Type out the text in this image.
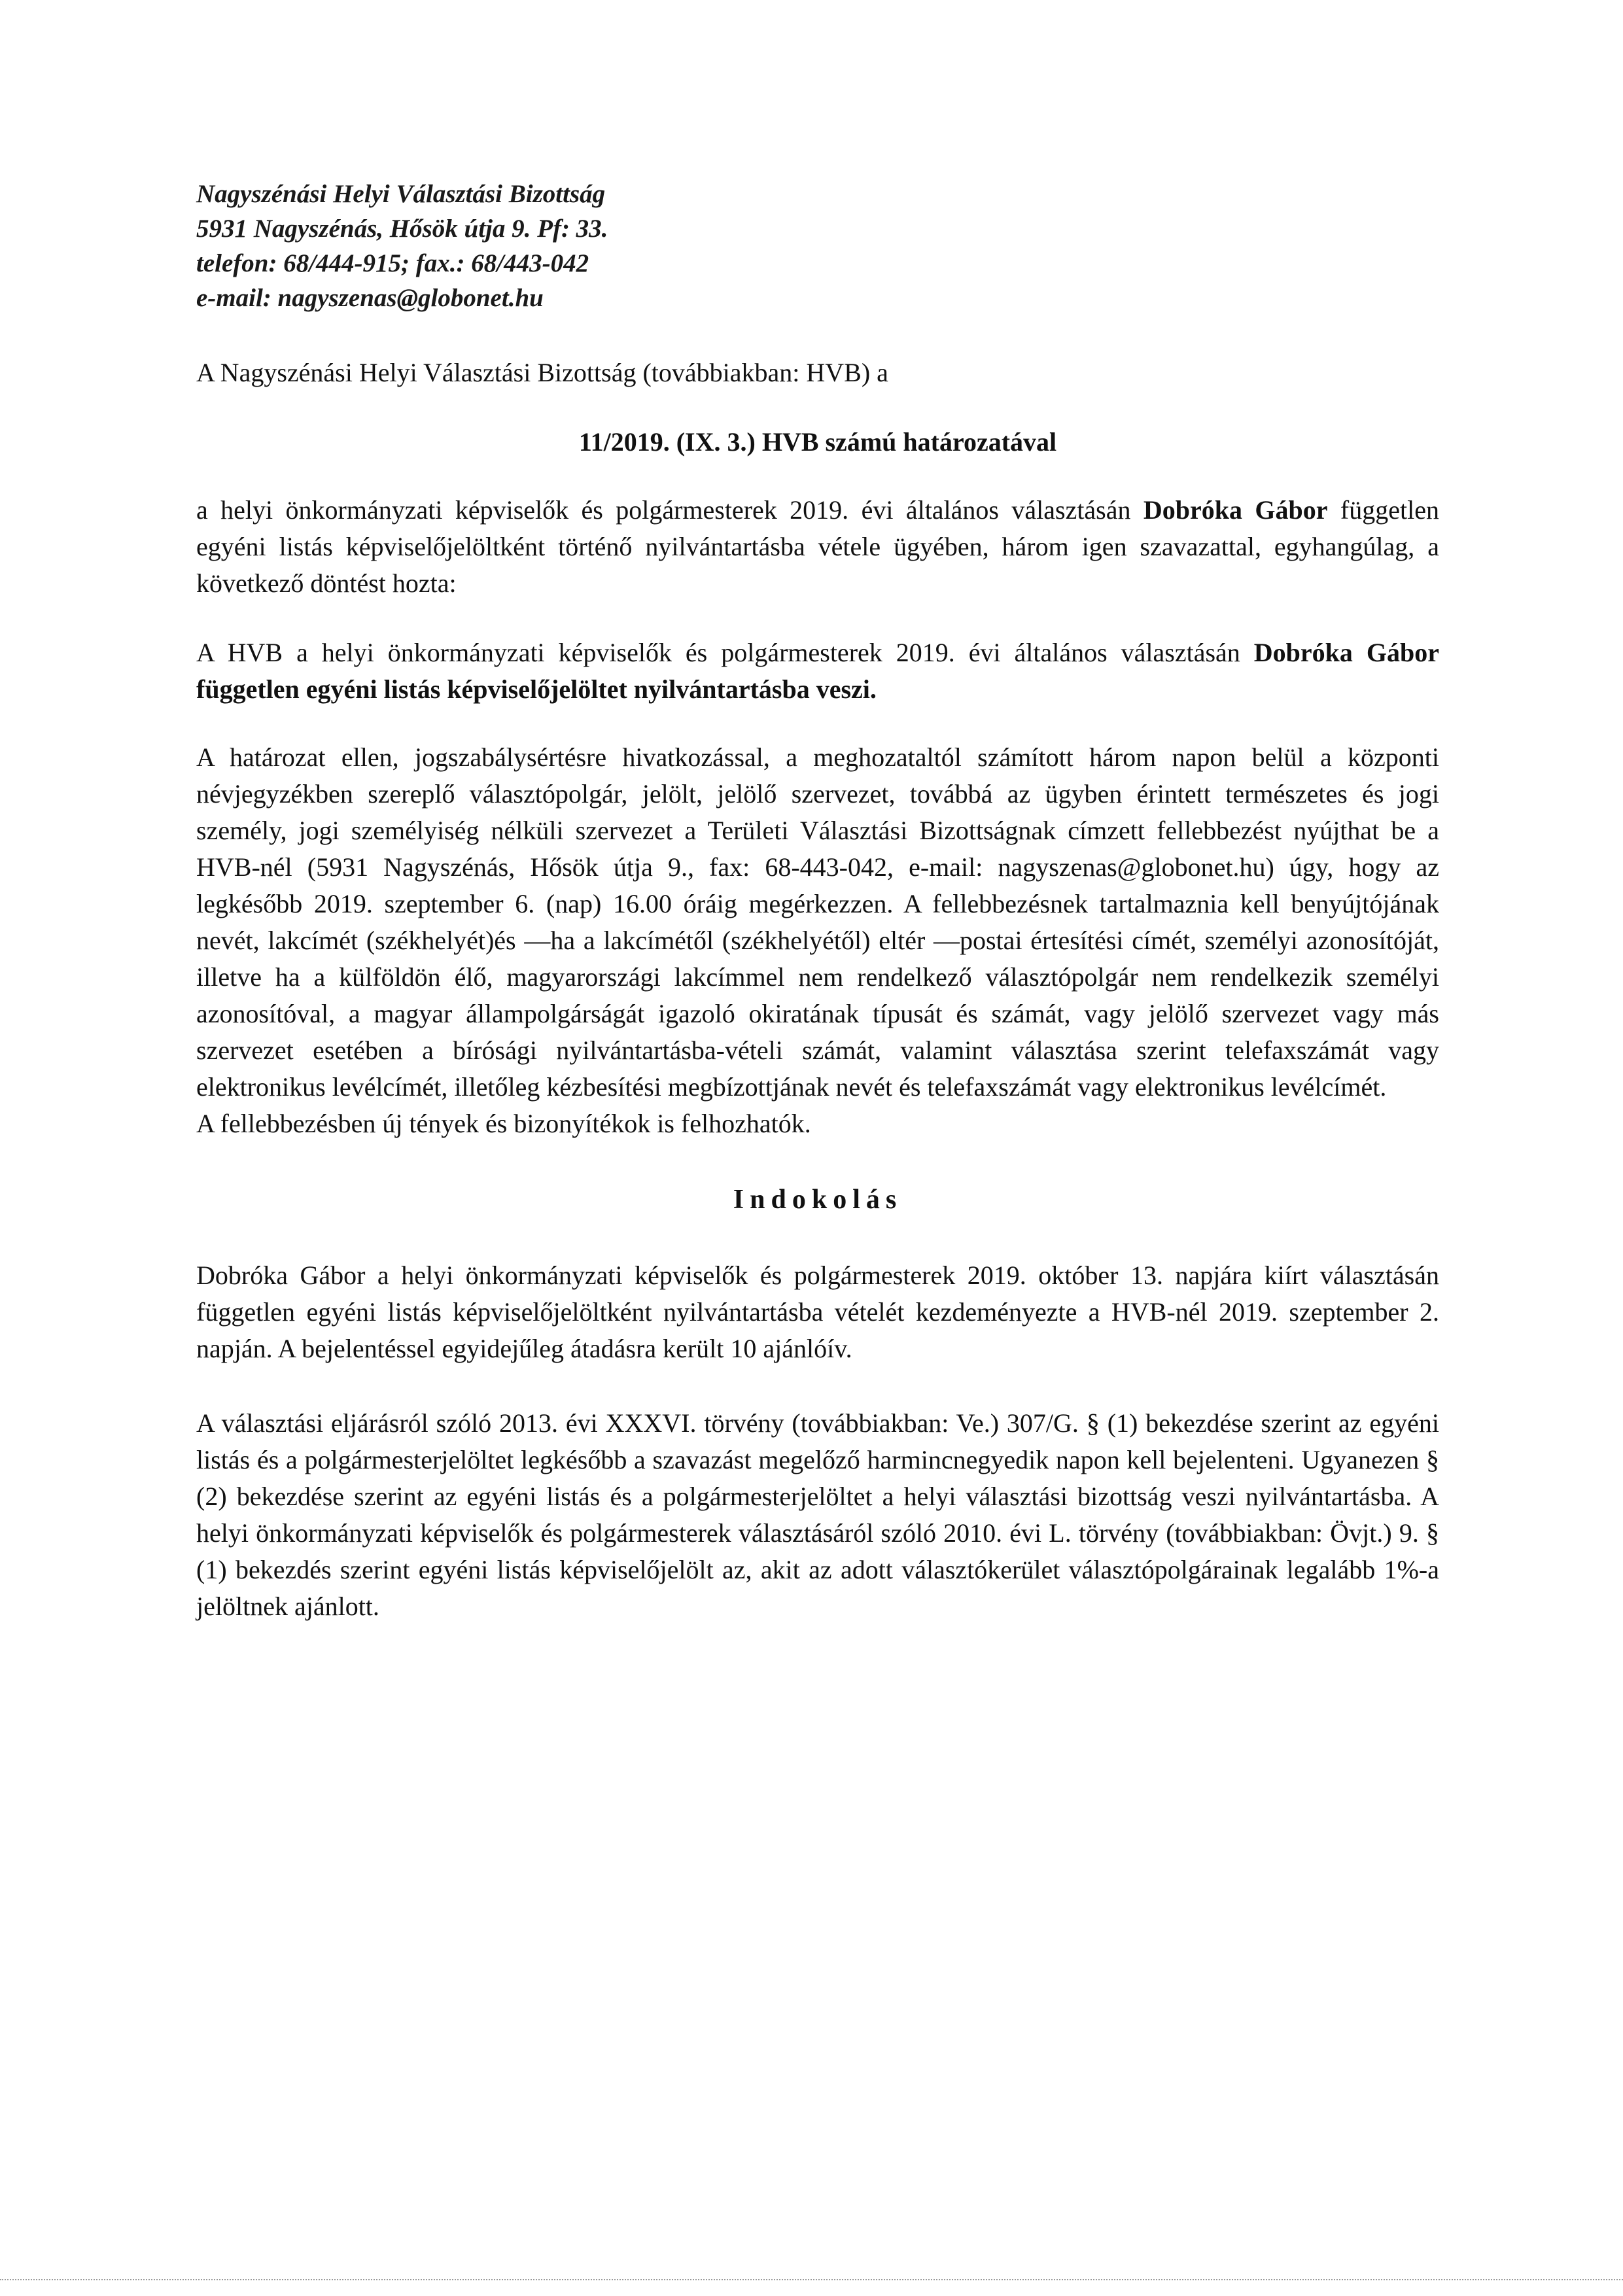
Nagyszénási Helyi Választási Bizottság
5931 Nagyszénás, Hősök útja 9. Pf: 33.
telefon: 68/444-915; fax.: 68/443-042
e-mail: nagyszenas@globonet.hu

A Nagyszénási Helyi Választási Bizottság (továbbiakban: HVB) a

11/2019. (IX. 3.) HVB számú határozatával

a helyi önkormányzati képviselők és polgármesterek 2019. évi általános választásán Dobróka Gábor független egyéni listás képviselőjelöltként történő nyilvántartásba vétele ügyében, három igen szavazattal, egyhangúlag, a következő döntést hozta:

A HVB a helyi önkormányzati képviselők és polgármesterek 2019. évi általános választásán Dobróka Gábor független egyéni listás képviselőjelöltet nyilvántartásba veszi.

A határozat ellen, jogszabálysértésre hivatkozással, a meghozataltól számított három napon belül a központi névjegyzékben szereplő választópolgár, jelölt, jelölő szervezet, továbbá az ügyben érintett természetes és jogi személy, jogi személyiség nélküli szervezet a Területi Választási Bizottságnak címzett fellebbezést nyújthat be a HVB-nél (5931 Nagyszénás, Hősök útja 9., fax: 68-443-042, e-mail: nagyszenas@globonet.hu) úgy, hogy az legkésőbb 2019. szeptember 6. (nap) 16.00 óráig megérkezzen. A fellebbezésnek tartalmaznia kell benyújtójának nevét, lakcímét (székhelyét)és —ha a lakcímétől (székhelyétől) eltér —postai értesítési címét, személyi azonosítóját, illetve ha a külföldön élő, magyarországi lakcímmel nem rendelkező választópolgár nem rendelkezik személyi azonosítóval, a magyar állampolgárságát igazoló okiratának típusát és számát, vagy jelölő szervezet vagy más szervezet esetében a bírósági nyilvántartásba-vételi számát, valamint választása szerint telefaxszámát vagy elektronikus levélcímét, illetőleg kézbesítési megbízottjának nevét és telefaxszámát vagy elektronikus levélcímét.

A fellebbezésben új tények és bizonyítékok is felhozhatók.

Indokolás

Dobróka Gábor a helyi önkormányzati képviselők és polgármesterek 2019. október 13. napjára kiírt választásán független egyéni listás képviselőjelöltként nyilvántartásba vételét kezdeményezte a HVB-nél 2019. szeptember 2. napján. A bejelentéssel egyidejűleg átadásra került 10 ajánlóív.

A választási eljárásról szóló 2013. évi XXXVI. törvény (továbbiakban: Ve.) 307/G. § (1) bekezdése szerint az egyéni listás és a polgármesterjelöltet legkésőbb a szavazást megelőző harmincnegyedik napon kell bejelenteni. Ugyanezen § (2) bekezdése szerint az egyéni listás és a polgármesterjelöltet a helyi választási bizottság veszi nyilvántartásba. A helyi önkormányzati képviselők és polgármesterek választásáról szóló 2010. évi L. törvény (továbbiakban: Övjt.) 9. § (1) bekezdés szerint egyéni listás képviselőjelölt az, akit az adott választókerület választópolgárainak legalább 1%-a jelöltnek ajánlott.
